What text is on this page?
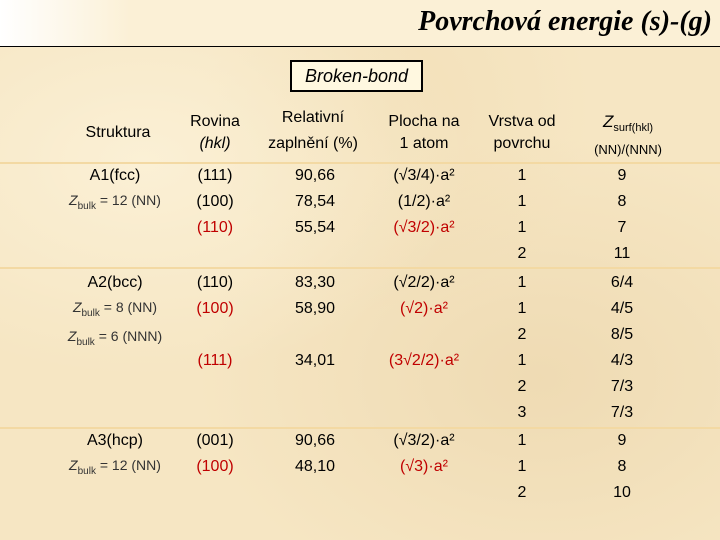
Povrchová energie (s)-(g)
Broken-bond
Struktura
Rovina
(hkl)
Relativní
zaplnění (%)
Plocha na
1 atom
Vrstva od
povrchu
$Z_{surf(hkl)}$
(NN)/(NNN)
A1(fcc)
$Z_{bulk} = 12$ (NN)
(111)
(100)
(110)
90,66
78,54
55,54
(√3/4)·a²
(1/2)·a²
(√3/2)·a²
1
1
1
2
9
8
7
11
A2(bcc)
$Z_{bulk} = 8$ (NN)
$Z_{bulk} = 6$ (NNN)
(110)
(100)
(111)
83,30
58,90
34,01
(√2/2)·a²
(√2)·a²
(3√2/2)·a²
1
1
2
1
2
3
6/4
4/5
8/5
4/3
7/3
7/3
A3(hcp)
$Z_{bulk} = 12$ (NN)
(001)
(100)
90,66
48,10
(√3/2)·a²
(√3)·a²
1
1
2
9
8
10
